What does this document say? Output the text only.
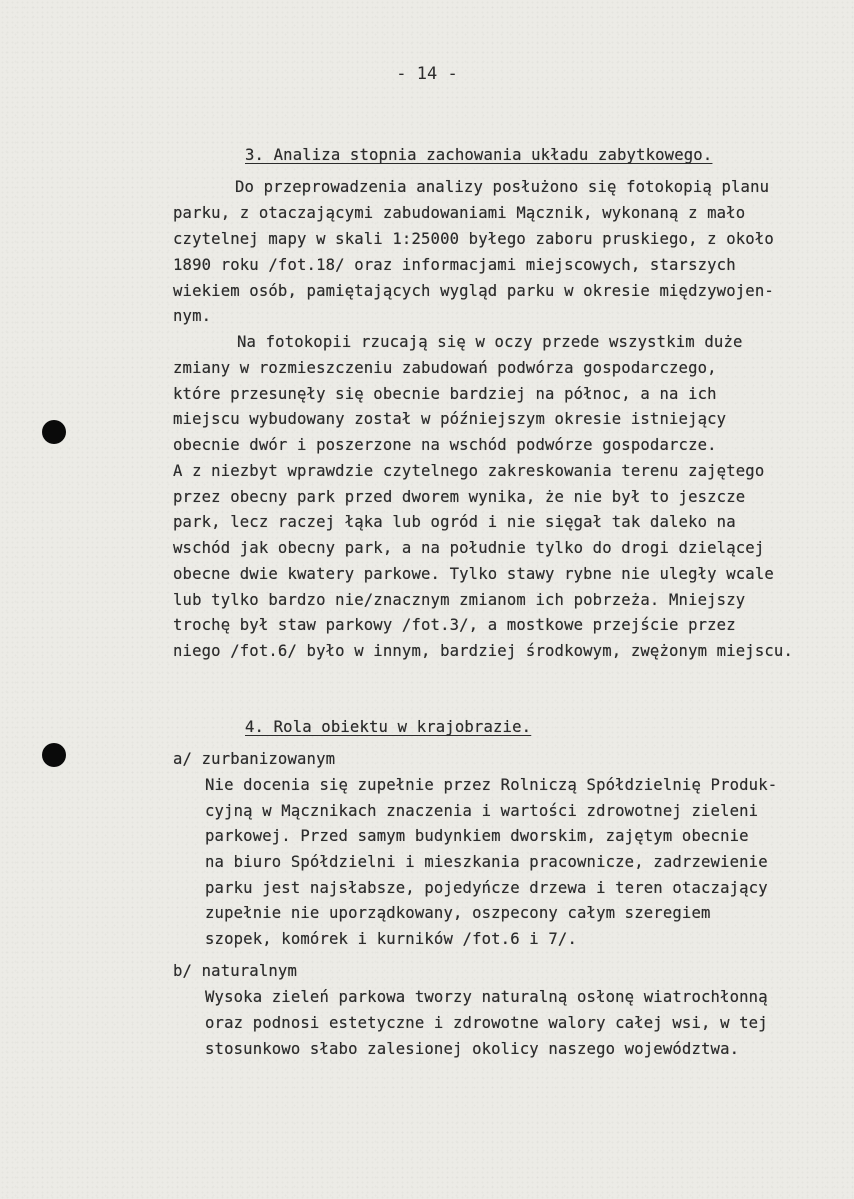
- 14 -
3. Analiza stopnia zachowania układu zabytkowego.
Do przeprowadzenia analizy posłużono się fotokopią planu
parku, z otaczającymi zabudowaniami Mącznik, wykonaną z mało
czytelnej mapy w skali 1:25000 byłego zaboru pruskiego, z około
1890 roku /fot.18/ oraz informacjami miejscowych, starszych
wiekiem osób, pamiętających wygląd parku w okresie międzywojen-
nym.
Na fotokopii rzucają się w oczy przede wszystkim duże
zmiany w rozmieszczeniu zabudowań podwórza gospodarczego,
które przesunęły się obecnie bardziej na północ, a na ich
miejscu wybudowany został w późniejszym okresie istniejący
obecnie dwór i poszerzone na wschód podwórze gospodarcze.
A z niezbyt wprawdzie czytelnego zakreskowania terenu zajętego
przez obecny park przed dworem wynika, że nie był to jeszcze
park, lecz raczej łąka lub ogród i nie sięgał tak daleko na
wschód jak obecny park, a na południe tylko do drogi dzielącej
obecne dwie kwatery parkowe. Tylko stawy rybne nie uległy wcale
lub tylko bardzo nie/znacznym zmianom ich pobrzeża. Mniejszy
trochę był staw parkowy /fot.3/, a mostkowe przejście przez
niego /fot.6/ było w innym, bardziej środkowym, zwężonym miejscu.
4. Rola obiektu w krajobrazie.
a/ zurbanizowanym
Nie docenia się zupełnie przez Rolniczą Spółdzielnię Produk-
cyjną w Mącznikach znaczenia i wartości zdrowotnej zieleni
parkowej. Przed samym budynkiem dworskim, zajętym obecnie
na biuro Spółdzielni i mieszkania pracownicze, zadrzewienie
parku jest najsłabsze, pojedyńcze drzewa i teren otaczający
zupełnie nie uporządkowany, oszpecony całym szeregiem
szopek, komórek i kurników /fot.6 i 7/.
b/ naturalnym
Wysoka zieleń parkowa tworzy naturalną osłonę wiatrochłonną
oraz podnosi estetyczne i zdrowotne walory całej wsi, w tej
stosunkowo słabo zalesionej okolicy naszego województwa.
